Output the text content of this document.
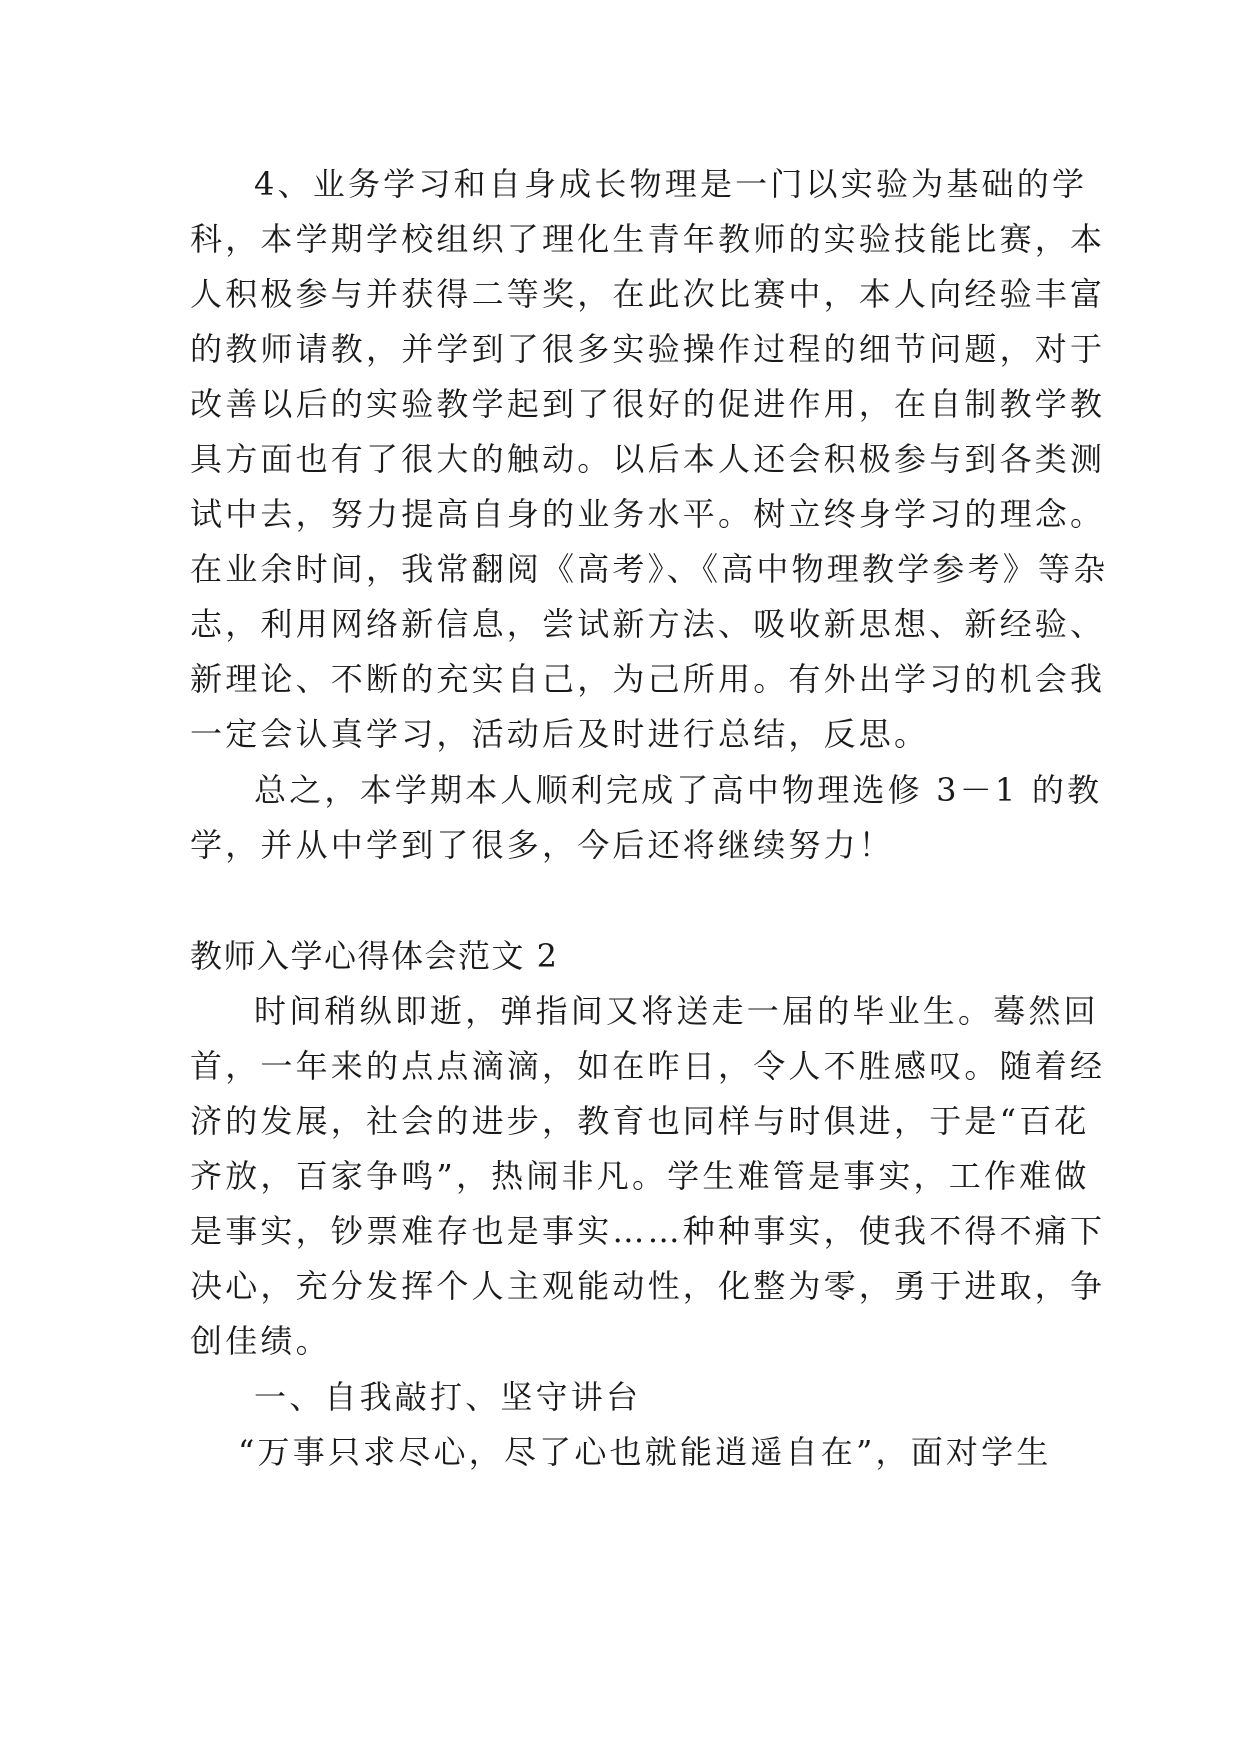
4、业务学习和自身成长物理是一门以实验为基础的学
科，本学期学校组织了理化生青年教师的实验技能比赛，本
人积极参与并获得二等奖，在此次比赛中，本人向经验丰富
的教师请教，并学到了很多实验操作过程的细节问题，对于
改善以后的实验教学起到了很好的促进作用，在自制教学教
具方面也有了很大的触动。以后本人还会积极参与到各类测
试中去，努力提高自身的业务水平。树立终身学习的理念。
在业余时间，我常翻阅《高考》、《高中物理教学参考》等杂
志，利用网络新信息，尝试新方法、吸收新思想、新经验、
新理论、不断的充实自己，为己所用。有外出学习的机会我
一定会认真学习，活动后及时进行总结，反思。
总之，本学期本人顺利完成了高中物理选修 3－1 的教
学，并从中学到了很多，今后还将继续努力！
教师入学心得体会范文 2
时间稍纵即逝，弹指间又将送走一届的毕业生。蓦然回
首，一年来的点点滴滴，如在昨日，令人不胜感叹。随着经
济的发展，社会的进步，教育也同样与时俱进，于是“百花
齐放，百家争鸣”，热闹非凡。学生难管是事实，工作难做
是事实，钞票难存也是事实……种种事实，使我不得不痛下
决心，充分发挥个人主观能动性，化整为零，勇于进取，争
创佳绩。
一、自我敲打、坚守讲台
“万事只求尽心，尽了心也就能逍遥自在”，面对学生
